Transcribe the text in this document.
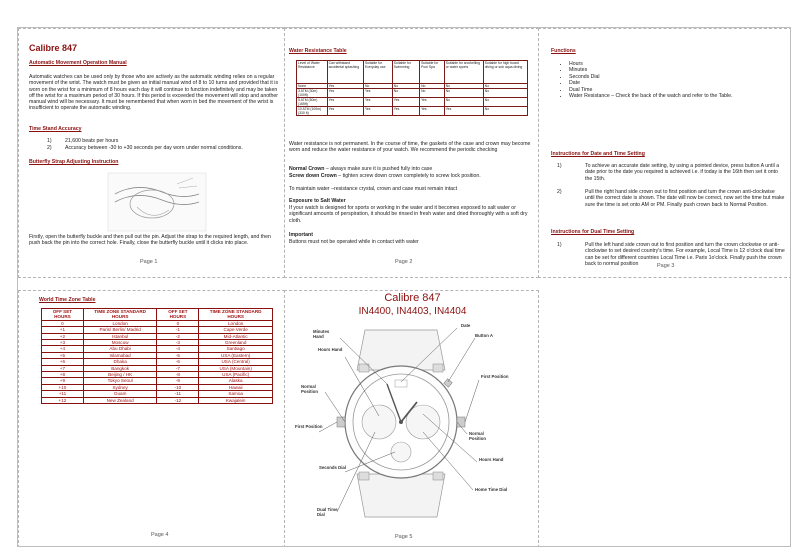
Calibre 847
Automatic Movement Operation Manual
Automatic watches can be used only by those who are actively as the automatic winding relies on a regular movement of the wrist. The watch must be given an initial manual wind of 8 to 10 turns and provided that it is worn on the wrist for a minimum of 8 hours each day it will continue to function indefinitely and may be taken off the wrist for a maximum period of 30 hours. If this period is exceeded the movement will stop and another manual wind will be necessary. It must be remembered that when worn in bed the movement of the wrist is insufficient to operate the automatic winding.
Time Stand Accuracy
1)	21,600 beats per hours
2)	Accuracy between -30 to +30 seconds per day worn under normal conditions.
Butterfly Strap Adjusting Instruction
Firstly, open the butterfly buckle and then pull out the pin. Adjust the strap to the required length, and then push back the pin into the correct hole. Finally, close the butterfly buckle until it clicks into place.
Page 1
Water Resistance Table
Level of Water Resistance	Can withstand accidental splashing	Suitable for Everyday use	Suitable for Swimming	Suitable for Pool Spa	Suitable for snorkelling or water sports	Suitable for high board diving or sub aqua diving
None	Yes	No	No	No	No	No
3 ATM (30m) (100ft)	Yes	Yes	No	No	No	No
5 ATM (50m) (165ft)	Yes	Yes	Yes	Yes	No	No
10 ATM (100m) (330 ft)	Yes	Yes	Yes	Yes	Yes	No
Water resistance is not permanent. In the course of time, the gaskets of the case and crown may become worn and reduce the water resistance of your watch. We recommend the periodic checking
Normal Crown – always make sure it is pushed fully into case
Screw down Crown – tighten screw down crown completely to screw lock position.
To maintain water –resistance crystal, crown and case must remain intact
Exposure to Salt Water
If your watch is designed for sports or working in the water and it becomes exposed to salt water or significant amounts of perspiration, it should be rinsed in fresh water and dried thoroughly with a soft dry cloth.
Important
Buttons must not be operated while in contact with water
Page 2
Functions
• Hours
• Minutes
• Seconds Dial
• Date
• Dual Time
• Water Resistance – Check the back of the watch and refer to the Table.
Instructions for Date and Time Setting
1)	To achieve an accurate date setting, by using a pointed device, press button A until a date prior to the date you required is achieved i.e. if today is the 16th then set it onto the 15th.
2)	Pull the right hand side crown out to first position and turn the crown anti-clockwise until the correct date is shown. The date will now be correct, now set the time but make sure the time is set onto AM or PM. Finally push crown back to Normal Position.
Instructions for Dual Time Setting
1)	Pull the left hand side crown out to first position and turn the crown clockwise or anti-clockwise to set desired country's time. For example, Local Time is 12 o'clock dual time can be set for different countries Local Time i.e. Paris 1o'clock. Finally push the crown back to normal position	Page 3
World Time Zone Table
OFF SET HOURS	TIME ZONE STANDARD HOURS	OFF SET HOURS	TIME ZONE STANDARD HOURS
0	London	0	London
+1	Paris/ Berlin/ Madrid	-1	Cape Verde
+2	Istanbul	-2	Mid-Atlantic
+3	Moscow	-3	Greenland
+4	Abu Dhabi	-4	Santiago
+5	Islamabad	-5	USA (Eastern)
+6	Dhaka	-6	USA (Central)
+7	Bangkok	-7	USA (Mountain)
+8	Beijing / HK	-8	USA (Pacific)
+9	Tokyo Seoul	-9	Alaska
+10	Sydney	-10	Hawaii
+11	Guam	-11	Samoa
+12	New Zealand	-12	Kwajalein
Page 4
Calibre 847
IN4400, IN4403, IN4404
Minutes Hand
Hours Hand
Normal Position
First Position
Seconds Dial
Dual Time Dial
Date
Button A
First Position
Normal Position
Hours Hand
Home Time Dial
Page 5
